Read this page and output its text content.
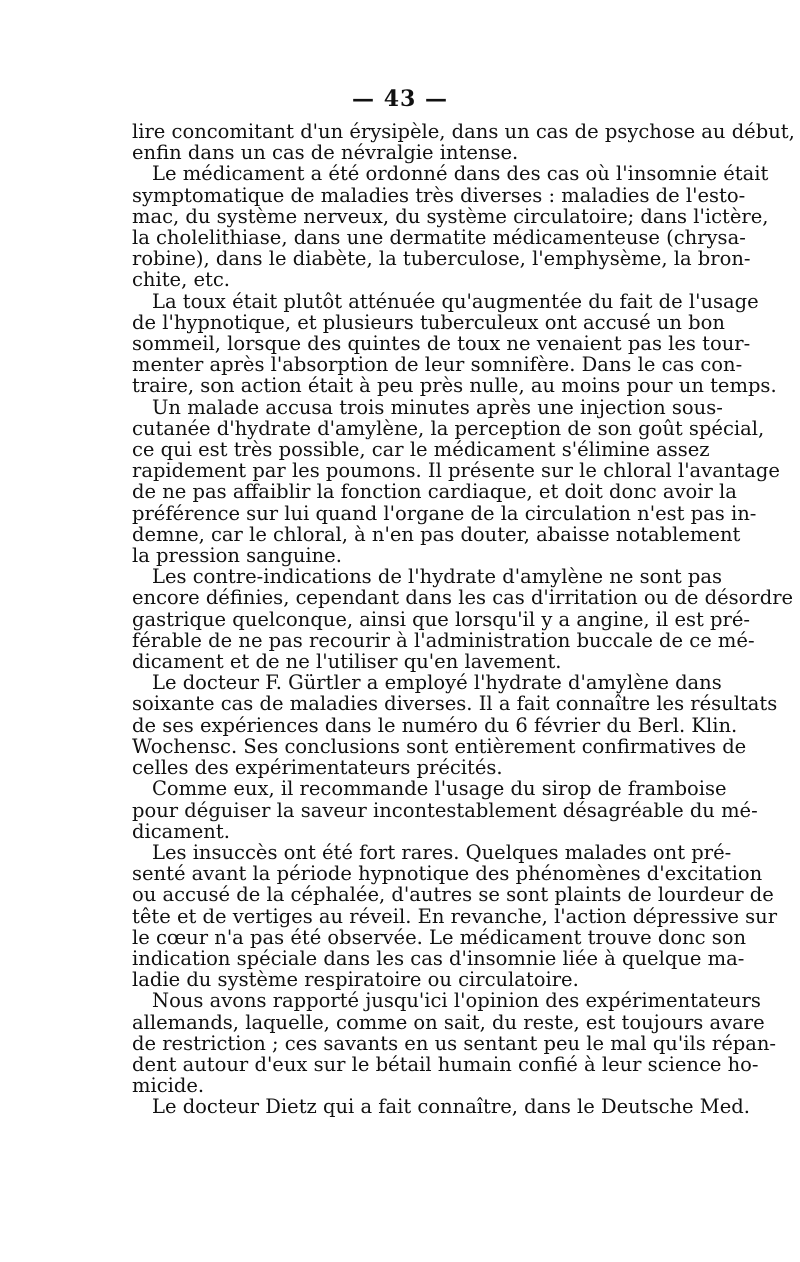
— 43 —
lire concomitant d'un érysipèle, dans un cas de psychose au début,
enfin dans un cas de névralgie intense.
Le médicament a été ordonné dans des cas où l'insomnie était
symptomatique de maladies très diverses : maladies de l'esto-
mac, du système nerveux, du système circulatoire; dans l'ictère,
la cholelithiase, dans une dermatite médicamenteuse (chrysa-
robine), dans le diabète, la tuberculose, l'emphysème, la bron-
chite, etc.
La toux était plutôt atténuée qu'augmentée du fait de l'usage
de l'hypnotique, et plusieurs tuberculeux ont accusé un bon
sommeil, lorsque des quintes de toux ne venaient pas les tour-
menter après l'absorption de leur somnifère. Dans le cas con-
traire, son action était à peu près nulle, au moins pour un temps.
Un malade accusa trois minutes après une injection sous-
cutanée d'hydrate d'amylène, la perception de son goût spécial,
ce qui est très possible, car le médicament s'élimine assez
rapidement par les poumons. Il présente sur le chloral l'avantage
de ne pas affaiblir la fonction cardiaque, et doit donc avoir la
préférence sur lui quand l'organe de la circulation n'est pas in-
demne, car le chloral, à n'en pas douter, abaisse notablement
la pression sanguine.
Les contre-indications de l'hydrate d'amylène ne sont pas
encore définies, cependant dans les cas d'irritation ou de désordre
gastrique quelconque, ainsi que lorsqu'il y a angine, il est pré-
férable de ne pas recourir à l'administration buccale de ce mé-
dicament et de ne l'utiliser qu'en lavement.
Le docteur F. Gürtler a employé l'hydrate d'amylène dans
soixante cas de maladies diverses. Il a fait connaître les résultats
de ses expériences dans le numéro du 6 février du Berl. Klin.
Wochensc. Ses conclusions sont entièrement confirmatives de
celles des expérimentateurs précités.
Comme eux, il recommande l'usage du sirop de framboise
pour déguiser la saveur incontestablement désagréable du mé-
dicament.
Les insuccès ont été fort rares. Quelques malades ont pré-
senté avant la période hypnotique des phénomènes d'excitation
ou accusé de la céphalée, d'autres se sont plaints de lourdeur de
tête et de vertiges au réveil. En revanche, l'action dépressive sur
le cœur n'a pas été observée. Le médicament trouve donc son
indication spéciale dans les cas d'insomnie liée à quelque ma-
ladie du système respiratoire ou circulatoire.
Nous avons rapporté jusqu'ici l'opinion des expérimentateurs
allemands, laquelle, comme on sait, du reste, est toujours avare
de restriction ; ces savants en us sentant peu le mal qu'ils répan-
dent autour d'eux sur le bétail humain confié à leur science ho-
micide.
Le docteur Dietz qui a fait connaître, dans le Deutsche Med.
